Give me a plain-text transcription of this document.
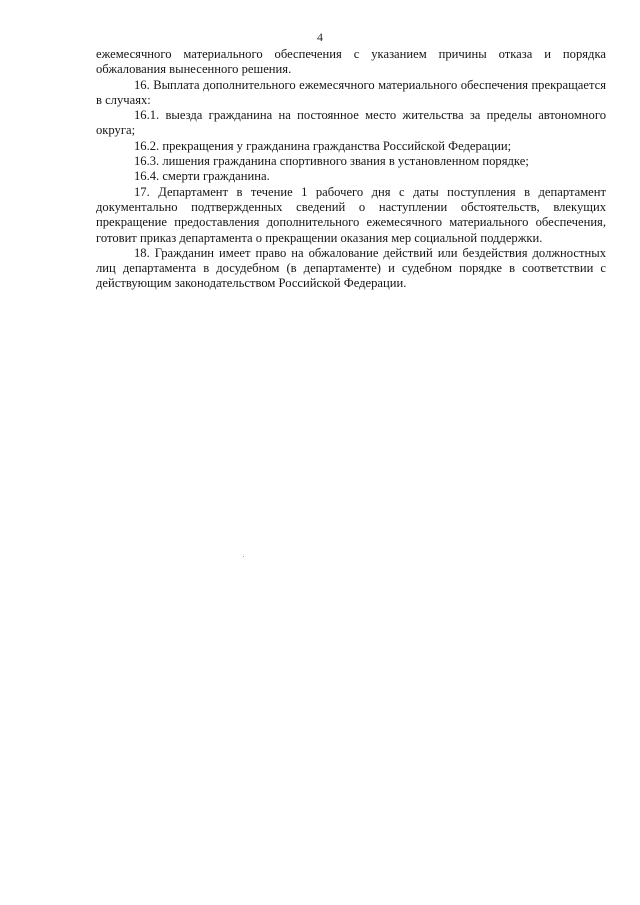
4

ежемесячного материального обеспечения с указанием причины отказа и порядка обжалования вынесенного решения.

16. Выплата дополнительного ежемесячного материального обеспечения прекращается в случаях:

16.1. выезда гражданина на постоянное место жительства за пределы автономного округа;

16.2. прекращения у гражданина гражданства Российской Федерации;

16.3. лишения гражданина спортивного звания в установленном порядке;

16.4. смерти гражданина.

17. Департамент в течение 1 рабочего дня с даты поступления в департамент документально подтвержденных сведений о наступлении обстоятельств, влекущих прекращение предоставления дополнительного ежемесячного материального обеспечения, готовит приказ департамента о прекращении оказания мер социальной поддержки.

18. Гражданин имеет право на обжалование действий или бездействия должностных лиц департамента в досудебном (в департаменте) и судебном порядке в соответствии с действующим законодательством Российской Федерации.
